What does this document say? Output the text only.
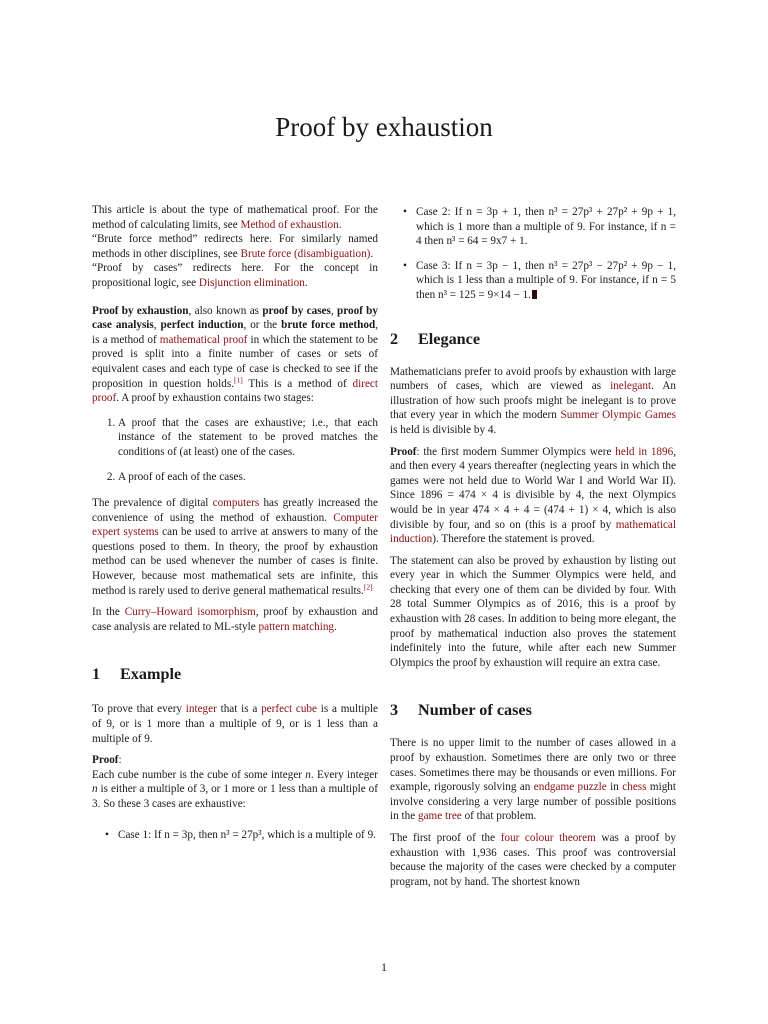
Proof by exhaustion

This article is about the type of mathematical proof. For the method of calculating limits, see Method of exhaustion.

“Brute force method” redirects here. For similarly named methods in other disciplines, see Brute force (disambiguation).

“Proof by cases” redirects here. For the concept in propositional logic, see Disjunction elimination.

Proof by exhaustion, also known as proof by cases, proof by case analysis, perfect induction, or the brute force method, is a method of mathematical proof in which the statement to be proved is split into a finite number of cases or sets of equivalent cases and each type of case is checked to see if the proposition in question holds.[1] This is a method of direct proof. A proof by exhaustion contains two stages:

1. A proof that the cases are exhaustive; i.e., that each instance of the statement to be proved matches the conditions of (at least) one of the cases.
2. A proof of each of the cases.

The prevalence of digital computers has greatly increased the convenience of using the method of exhaustion. Computer expert systems can be used to arrive at answers to many of the questions posed to them. In theory, the proof by exhaustion method can be used whenever the number of cases is finite. However, because most mathematical sets are infinite, this method is rarely used to derive general mathematical results.[2]

In the Curry–Howard isomorphism, proof by exhaustion and case analysis are related to ML-style pattern matching.

1 Example

To prove that every integer that is a perfect cube is a multiple of 9, or is 1 more than a multiple of 9, or is 1 less than a multiple of 9.

Proof:

Each cube number is the cube of some integer n. Every integer n is either a multiple of 3, or 1 more or 1 less than a multiple of 3. So these 3 cases are exhaustive:

• Case 1: If n = 3p, then n³ = 27p³, which is a multiple of 9.
• Case 2: If n = 3p + 1, then n³ = 27p³ + 27p² + 9p + 1, which is 1 more than a multiple of 9. For instance, if n = 4 then n³ = 64 = 9x7 + 1.
• Case 3: If n = 3p − 1, then n³ = 27p³ − 27p² + 9p − 1, which is 1 less than a multiple of 9. For instance, if n = 5 then n³ = 125 = 9×14 − 1.
2 Elegance

Mathematicians prefer to avoid proofs by exhaustion with large numbers of cases, which are viewed as inelegant. An illustration of how such proofs might be inelegant is to prove that every year in which the modern Summer Olympic Games is held is divisible by 4.

Proof: the first modern Summer Olympics were held in 1896, and then every 4 years thereafter (neglecting years in which the games were not held due to World War I and World War II). Since 1896 = 474 × 4 is divisible by 4, the next Olympics would be in year 474 × 4 + 4 = (474 + 1) × 4, which is also divisible by four, and so on (this is a proof by mathematical induction). Therefore the statement is proved.

The statement can also be proved by exhaustion by listing out every year in which the Summer Olympics were held, and checking that every one of them can be divided by four. With 28 total Summer Olympics as of 2016, this is a proof by exhaustion with 28 cases. In addition to being more elegant, the proof by mathematical induction also proves the statement indefinitely into the future, while after each new Summer Olympics the proof by exhaustion will require an extra case.

3 Number of cases

There is no upper limit to the number of cases allowed in a proof by exhaustion. Sometimes there are only two or three cases. Sometimes there may be thousands or even millions. For example, rigorously solving an endgame puzzle in chess might involve considering a very large number of possible positions in the game tree of that problem.

The first proof of the four colour theorem was a proof by exhaustion with 1,936 cases. This proof was controversial because the majority of the cases were checked by a computer program, not by hand. The shortest known

1
